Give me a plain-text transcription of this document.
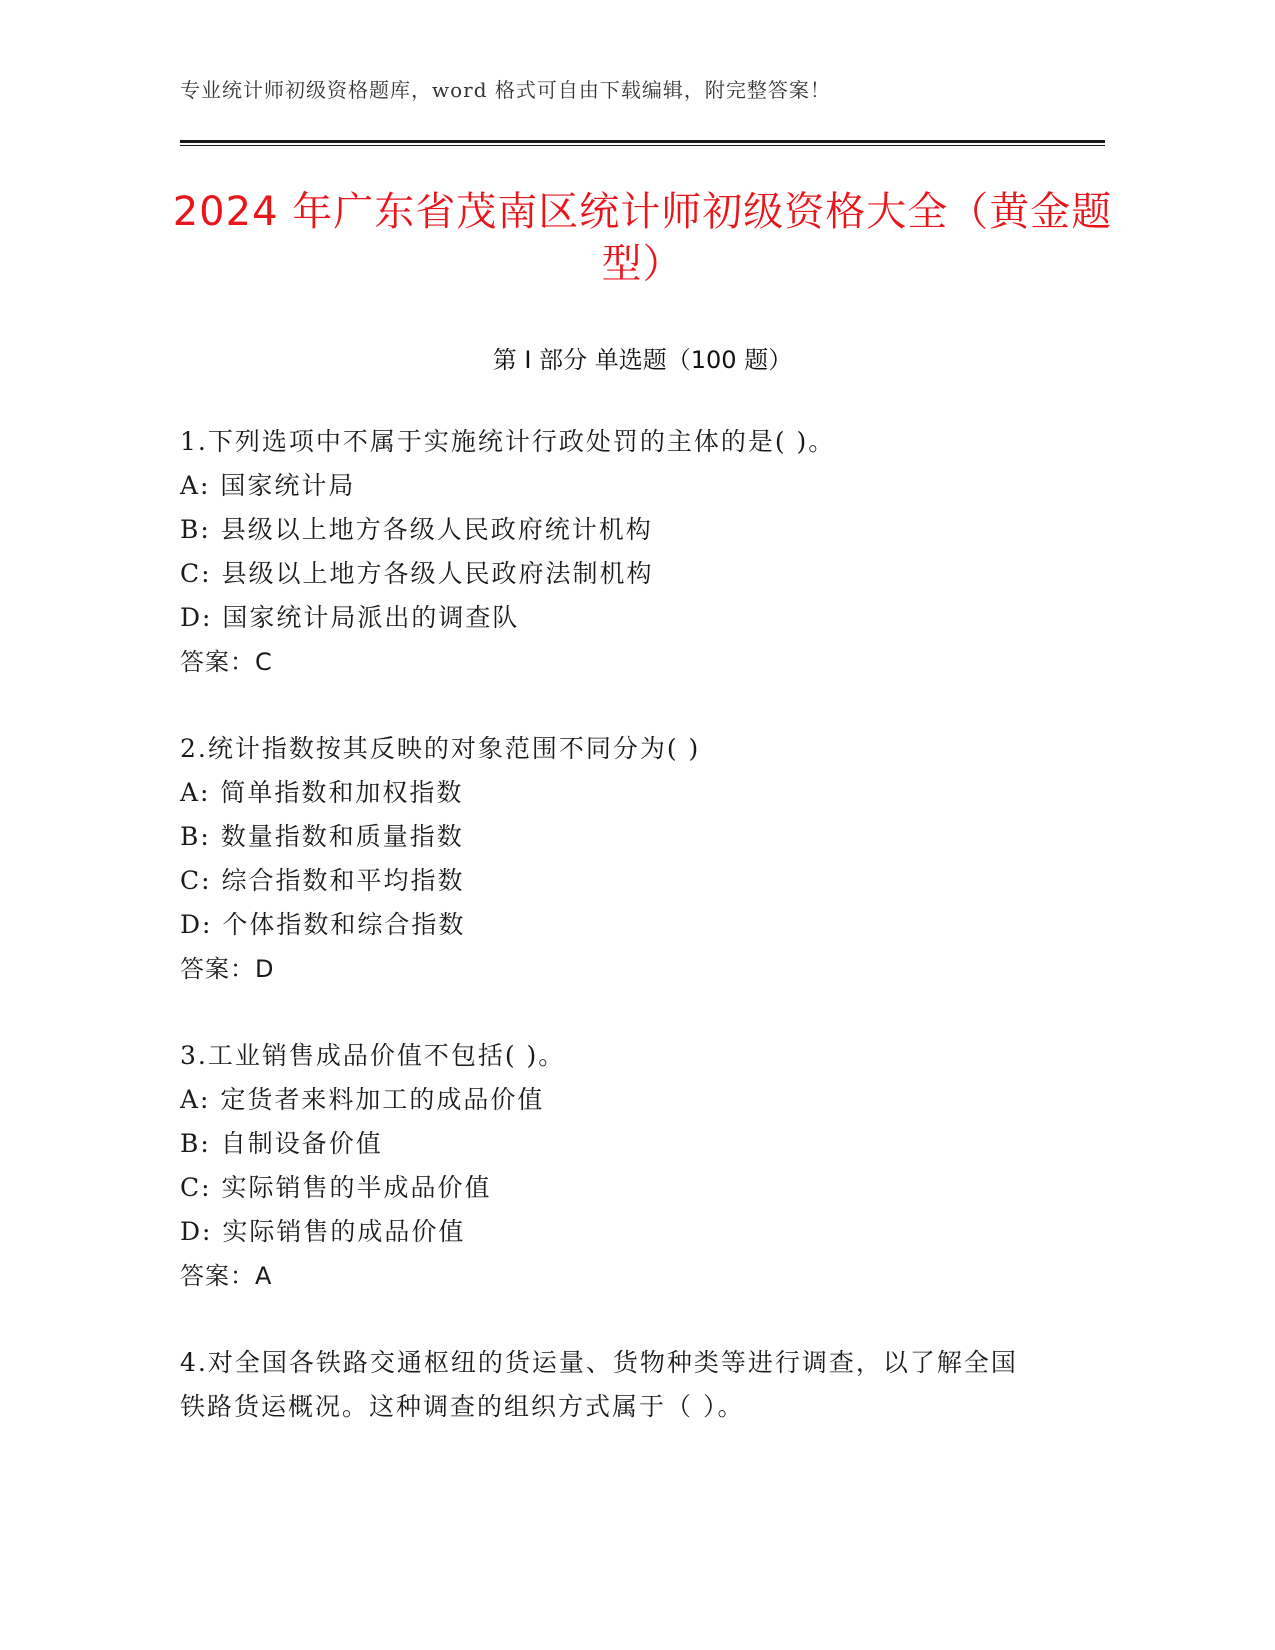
专业统计师初级资格题库，word 格式可自由下载编辑，附完整答案！
2024 年广东省茂南区统计师初级资格大全（黄金题型）
第 I 部分 单选题（100 题）
1.下列选项中不属于实施统计行政处罚的主体的是( )。
A: 国家统计局
B: 县级以上地方各级人民政府统计机构
C: 县级以上地方各级人民政府法制机构
D: 国家统计局派出的调查队
答案：C
2.统计指数按其反映的对象范围不同分为( )
A: 简单指数和加权指数
B: 数量指数和质量指数
C: 综合指数和平均指数
D: 个体指数和综合指数
答案：D
3.工业销售成品价值不包括( )。
A: 定货者来料加工的成品价值
B: 自制设备价值
C: 实际销售的半成品价值
D: 实际销售的成品价值
答案：A
4.对全国各铁路交通枢纽的货运量、货物种类等进行调查，以了解全国铁路货运概况。这种调查的组织方式属于（ ）。
